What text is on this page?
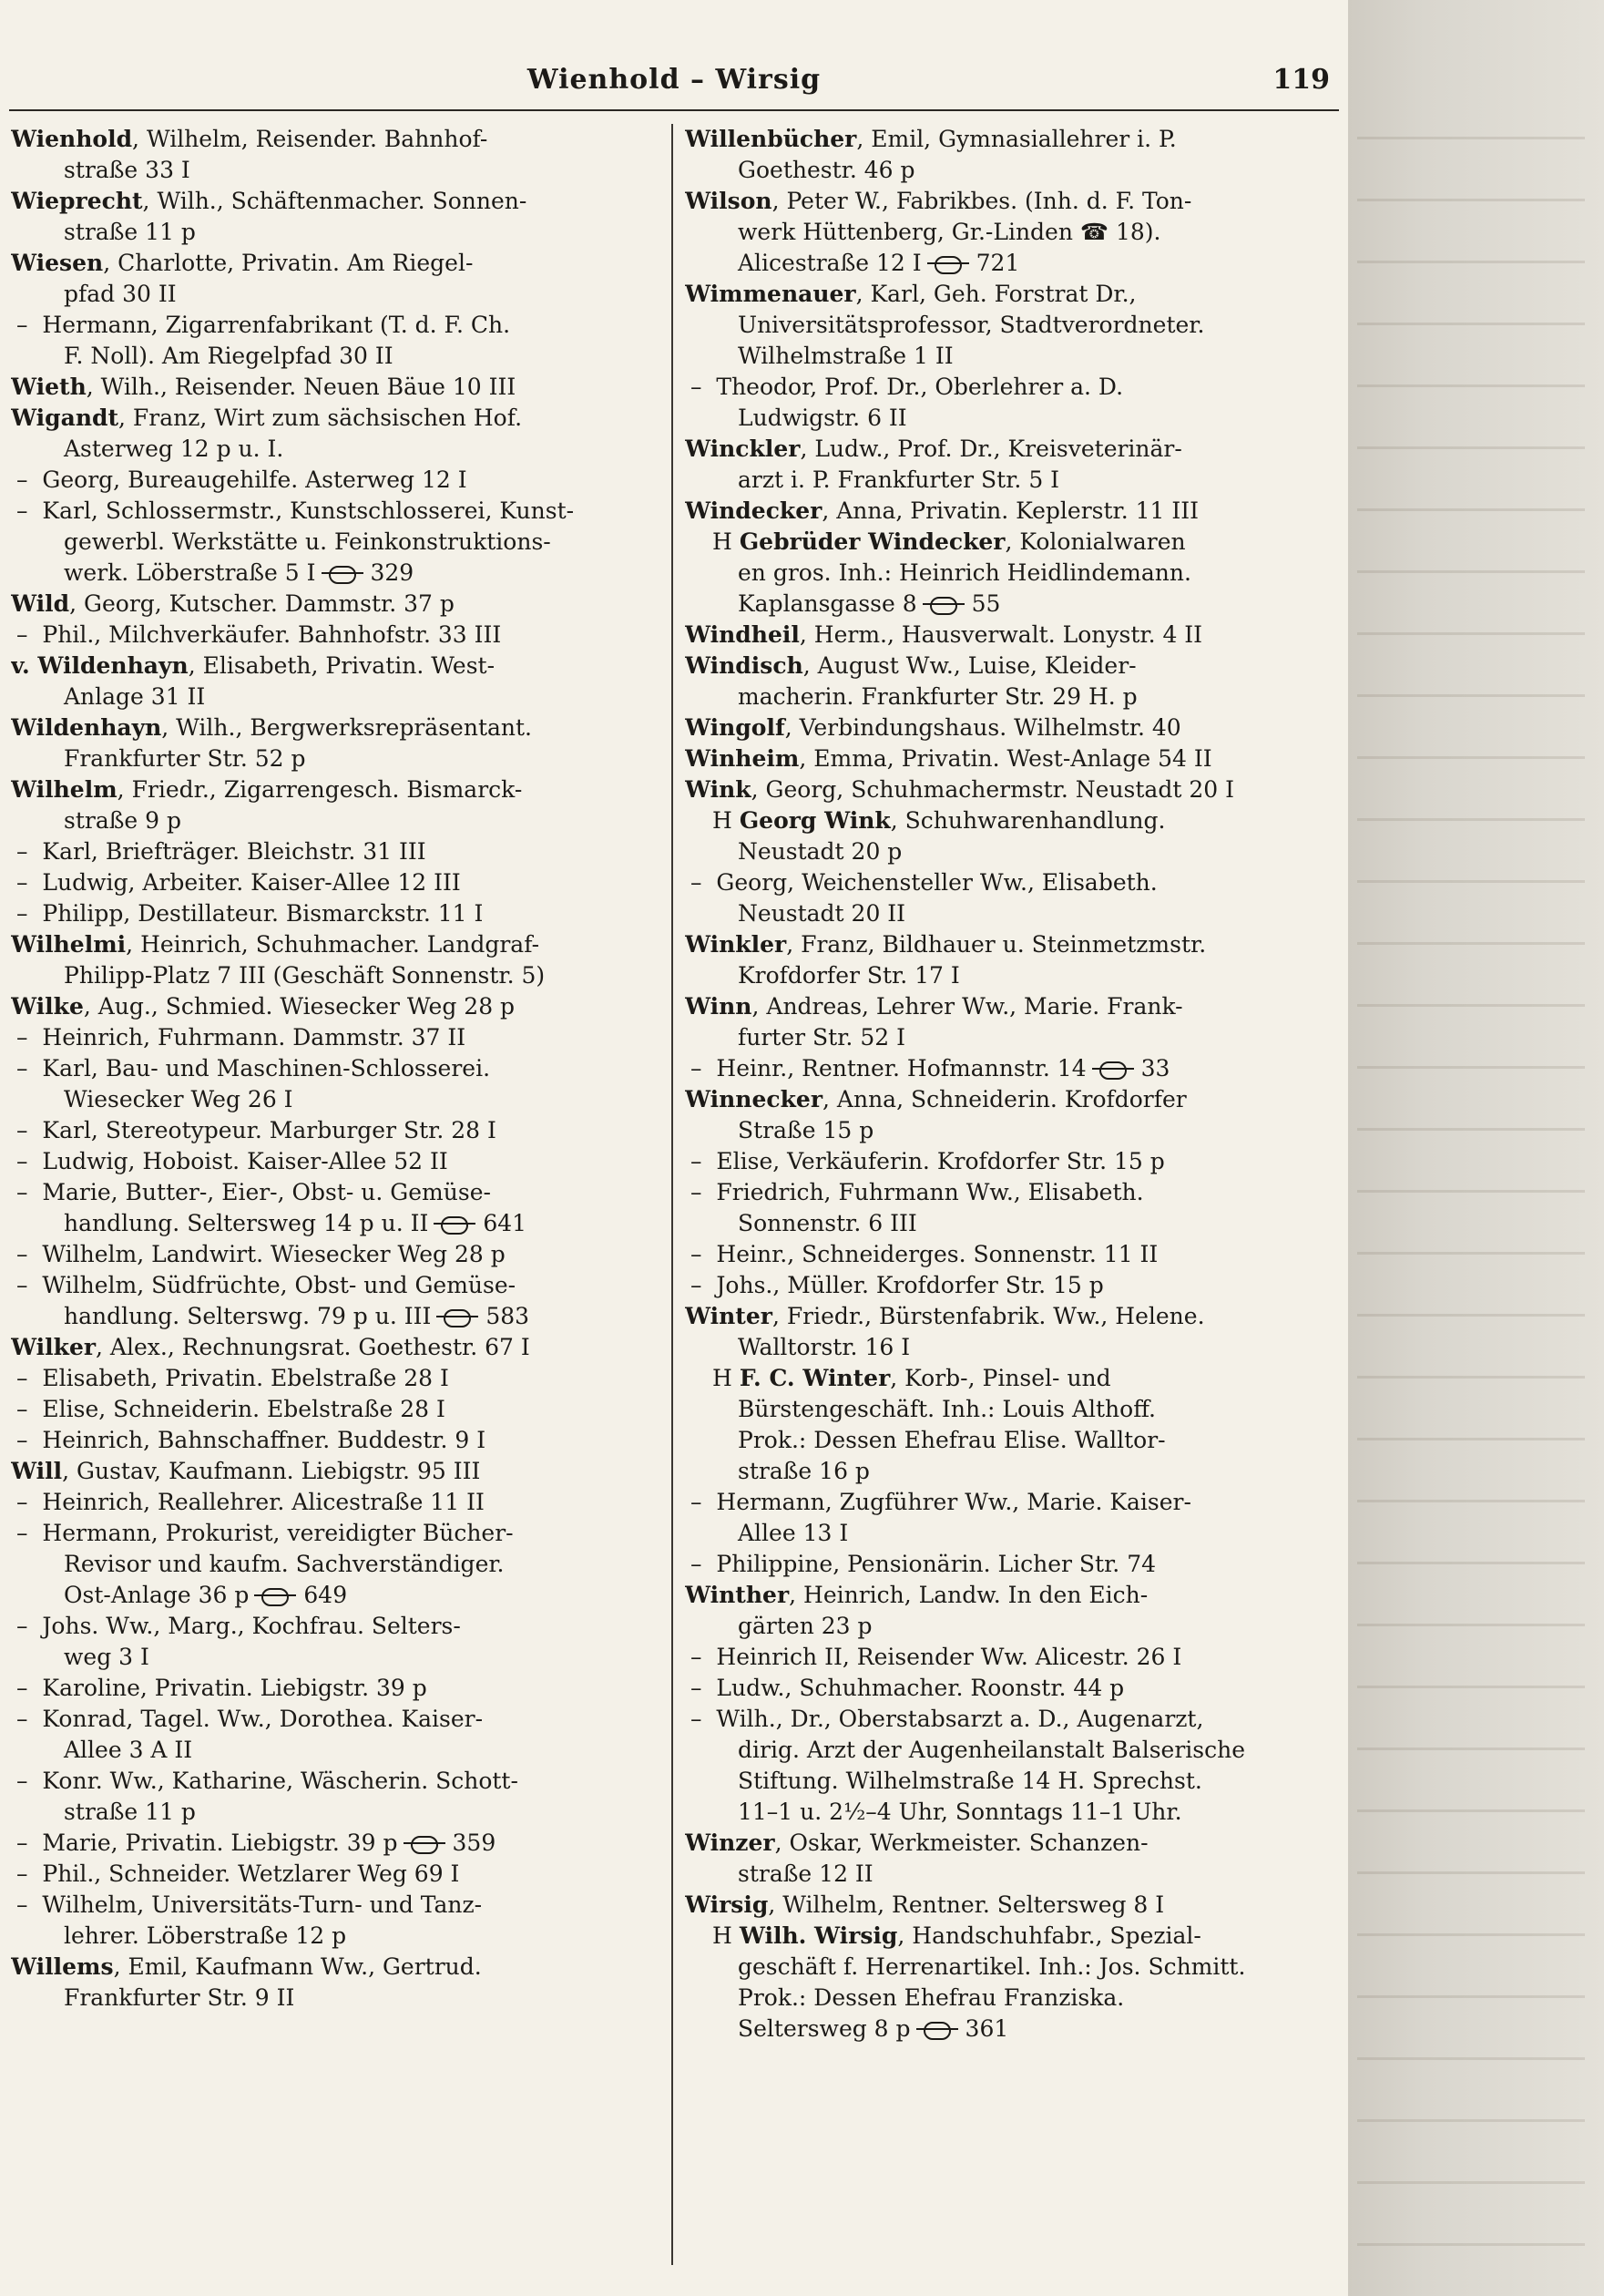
Wienhold – Wirsig	119
Wienhold, Wilhelm, Reisender. Bahnhof-
straße 33 I
Wieprecht, Wilh., Schäftenmacher. Sonnen-
straße 11 p
Wiesen, Charlotte, Privatin. Am Riegel-
pfad 30 II
–  Hermann, Zigarrenfabrikant (T. d. F. Ch.
F. Noll). Am Riegelpfad 30 II
Wieth, Wilh., Reisender. Neuen Bäue 10 III
Wigandt, Franz, Wirt zum sächsischen Hof.
Asterweg 12 p u. I.
–  Georg, Bureaugehilfe. Asterweg 12 I
–  Karl, Schlossermstr., Kunstschlosserei, Kunst-
gewerbl. Werkstätte u. Feinkonstruktions-
werk. Löberstraße 5 I 329
Wild, Georg, Kutscher. Dammstr. 37 p
–  Phil., Milchverkäufer. Bahnhofstr. 33 III
v. Wildenhayn, Elisabeth, Privatin. West-
Anlage 31 II
Wildenhayn, Wilh., Bergwerksrepräsentant.
Frankfurter Str. 52 p
Wilhelm, Friedr., Zigarrengesch. Bismarck-
straße 9 p
–  Karl, Briefträger. Bleichstr. 31 III
–  Ludwig, Arbeiter. Kaiser-Allee 12 III
–  Philipp, Destillateur. Bismarckstr. 11 I
Wilhelmi, Heinrich, Schuhmacher. Landgraf-
Philipp-Platz 7 III (Geschäft Sonnenstr. 5)
Wilke, Aug., Schmied. Wiesecker Weg 28 p
–  Heinrich, Fuhrmann. Dammstr. 37 II
–  Karl, Bau- und Maschinen-Schlosserei.
Wiesecker Weg 26 I
–  Karl, Stereotypeur. Marburger Str. 28 I
–  Ludwig, Hoboist. Kaiser-Allee 52 II
–  Marie, Butter-, Eier-, Obst- u. Gemüse-
handlung. Seltersweg 14 p u. II 641
–  Wilhelm, Landwirt. Wiesecker Weg 28 p
–  Wilhelm, Südfrüchte, Obst- und Gemüse-
handlung. Selterswg. 79 p u. III 583
Wilker, Alex., Rechnungsrat. Goethestr. 67 I
–  Elisabeth, Privatin. Ebelstraße 28 I
–  Elise, Schneiderin. Ebelstraße 28 I
–  Heinrich, Bahnschaffner. Buddestr. 9 I
Will, Gustav, Kaufmann. Liebigstr. 95 III
–  Heinrich, Reallehrer. Alicestraße 11 II
–  Hermann, Prokurist, vereidigter Bücher-
Revisor und kaufm. Sachverständiger.
Ost-Anlage 36 p 649
–  Johs. Ww., Marg., Kochfrau. Selters-
weg 3 I
–  Karoline, Privatin. Liebigstr. 39 p
–  Konrad, Tagel. Ww., Dorothea. Kaiser-
Allee 3 A II
–  Konr. Ww., Katharine, Wäscherin. Schott-
straße 11 p
–  Marie, Privatin. Liebigstr. 39 p 359
–  Phil., Schneider. Wetzlarer Weg 69 I
–  Wilhelm, Universitäts-Turn- und Tanz-
lehrer. Löberstraße 12 p
Willems, Emil, Kaufmann Ww., Gertrud.
Frankfurter Str. 9 II
Willenbücher, Emil, Gymnasiallehrer i. P.
Goethestr. 46 p
Wilson, Peter W., Fabrikbes. (Inh. d. F. Ton-
werk Hüttenberg, Gr.-Linden ☎ 18).
Alicestraße 12 I 721
Wimmenauer, Karl, Geh. Forstrat Dr.,
Universitätsprofessor, Stadtverordneter.
Wilhelmstraße 1 II
–  Theodor, Prof. Dr., Oberlehrer a. D.
Ludwigstr. 6 II
Winckler, Ludw., Prof. Dr., Kreisveterinär-
arzt i. P. Frankfurter Str. 5 I
Windecker, Anna, Privatin. Keplerstr. 11 III
H Gebrüder Windecker, Kolonialwaren
en gros. Inh.: Heinrich Heidlindemann.
Kaplansgasse 8 55
Windheil, Herm., Hausverwalt. Lonystr. 4 II
Windisch, August Ww., Luise, Kleider-
macherin. Frankfurter Str. 29 H. p
Wingolf, Verbindungshaus. Wilhelmstr. 40
Winheim, Emma, Privatin. West-Anlage 54 II
Wink, Georg, Schuhmachermstr. Neustadt 20 I
H Georg Wink, Schuhwarenhandlung.
Neustadt 20 p
–  Georg, Weichensteller Ww., Elisabeth.
Neustadt 20 II
Winkler, Franz, Bildhauer u. Steinmetzmstr.
Krofdorfer Str. 17 I
Winn, Andreas, Lehrer Ww., Marie. Frank-
furter Str. 52 I
–  Heinr., Rentner. Hofmannstr. 14 33
Winnecker, Anna, Schneiderin. Krofdorfer
Straße 15 p
–  Elise, Verkäuferin. Krofdorfer Str. 15 p
–  Friedrich, Fuhrmann Ww., Elisabeth.
Sonnenstr. 6 III
–  Heinr., Schneiderges. Sonnenstr. 11 II
–  Johs., Müller. Krofdorfer Str. 15 p
Winter, Friedr., Bürstenfabrik. Ww., Helene.
Walltorstr. 16 I
H F. C. Winter, Korb-, Pinsel- und
Bürstengeschäft. Inh.: Louis Althoff.
Prok.: Dessen Ehefrau Elise. Walltor-
straße 16 p
–  Hermann, Zugführer Ww., Marie. Kaiser-
Allee 13 I
–  Philippine, Pensionärin. Licher Str. 74
Winther, Heinrich, Landw. In den Eich-
gärten 23 p
–  Heinrich II, Reisender Ww. Alicestr. 26 I
–  Ludw., Schuhmacher. Roonstr. 44 p
–  Wilh., Dr., Oberstabsarzt a. D., Augenarzt,
dirig. Arzt der Augenheilanstalt Balserische
Stiftung. Wilhelmstraße 14 H. Sprechst.
11–1 u. 2½–4 Uhr, Sonntags 11–1 Uhr.
Winzer, Oskar, Werkmeister. Schanzen-
straße 12 II
Wirsig, Wilhelm, Rentner. Seltersweg 8 I
H Wilh. Wirsig, Handschuhfabr., Spezial-
geschäft f. Herrenartikel. Inh.: Jos. Schmitt.
Prok.: Dessen Ehefrau Franziska.
Seltersweg 8 p 361
